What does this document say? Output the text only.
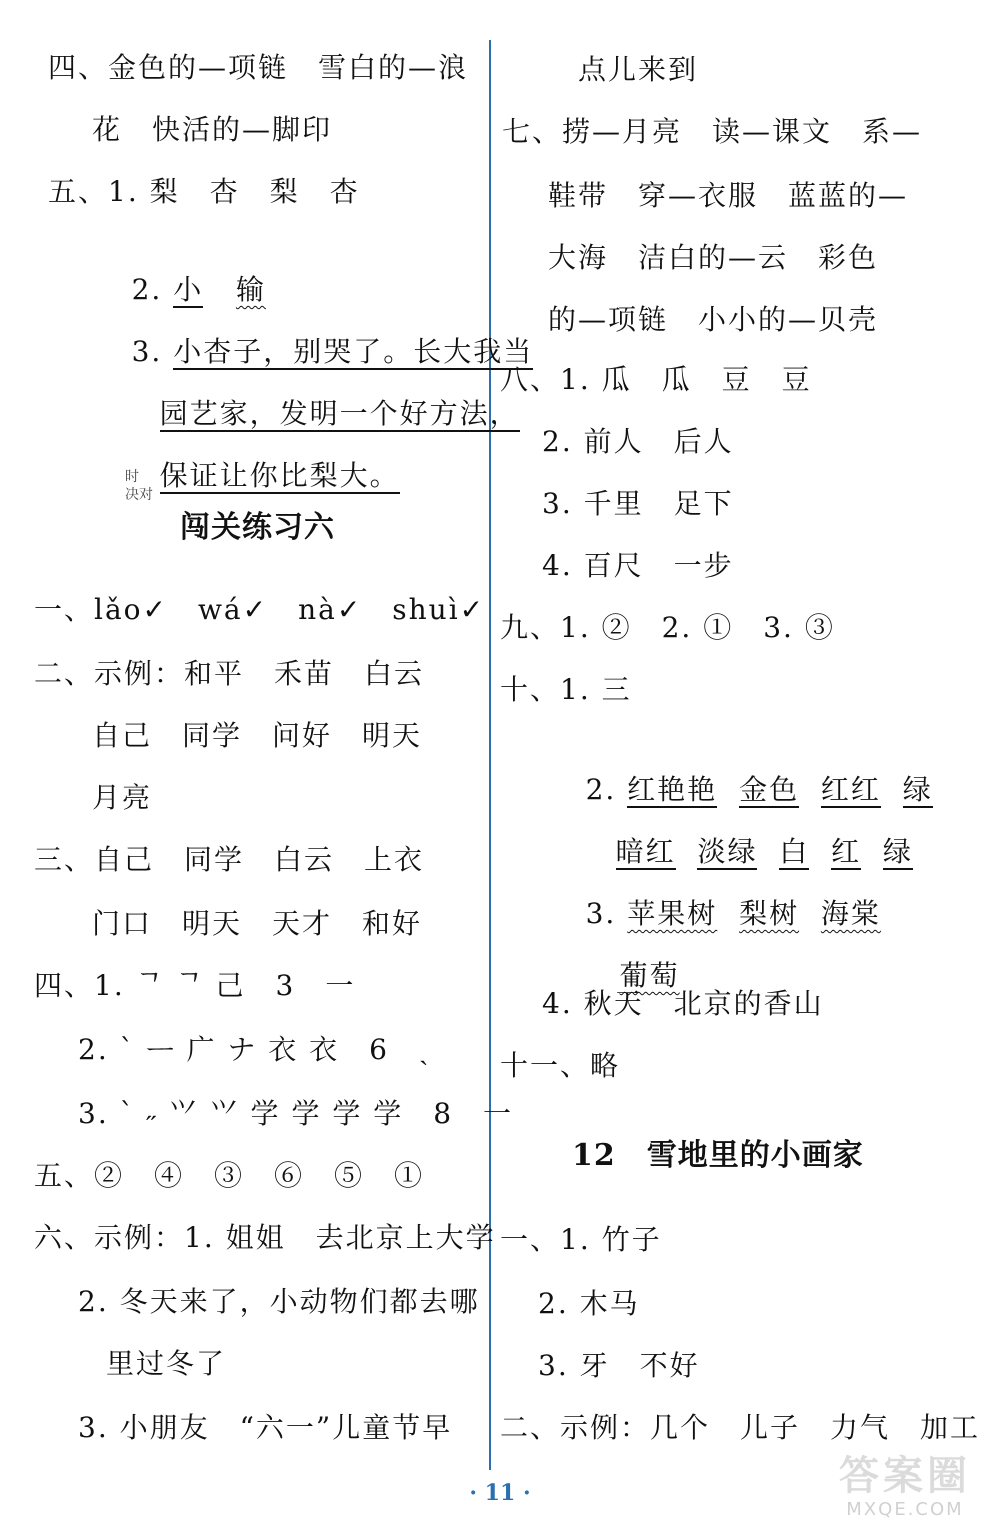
四、金色的—项链　雪白的—浪
花　快活的—脚印
五、1. 梨　杏　梨　杏

2. 小 输

3. 小杏子，别哭了。长大我当

园艺家，发明一个好方法，

保证让你比梨大。

时
决对
闯关练习六
一、lǎo✓　wá✓　nà✓　shuì✓
二、示例：和平　禾苗　白云
自己　同学　问好　明天
月亮
三、自己　同学　白云　上衣
门口　明天　天才　和好
四、1. ᄀ ᄀ 己　3　一
2. ˋ ᅳ 广 ナ 衣 衣　6　ˏ
3. ˋ ˶ ⺍ ⺍ 学 学 学 学　8　一
五、②　④　③　⑥　⑤　①
六、示例：1. 姐姐　去北京上大学
2. 冬天来了，小动物们都去哪
里过冬了
3. 小朋友　“六一”儿童节早
点儿来到
七、捞—月亮　读—课文　系—
鞋带　穿—衣服　蓝蓝的—
大海　洁白的—云　彩色
的—项链　小小的—贝壳
八、1. 瓜　瓜　豆　豆
2. 前人　后人
3. 千里　足下
4. 百尺　一步
九、1. ②　2. ①　3. ③
十、1. 三

2. 红艳艳 金色 红红 绿

暗红 淡绿 白 红 绿

3. 苹果树 梨树 海棠

葡萄

4. 秋天　北京的香山
十一、略
12　 雪地里的小画家
一、1. 竹子
2. 木马
3. 牙　不好
二、示例：几个　儿子　力气　加工
· 11 ·	答案圈
MXQE.COM
